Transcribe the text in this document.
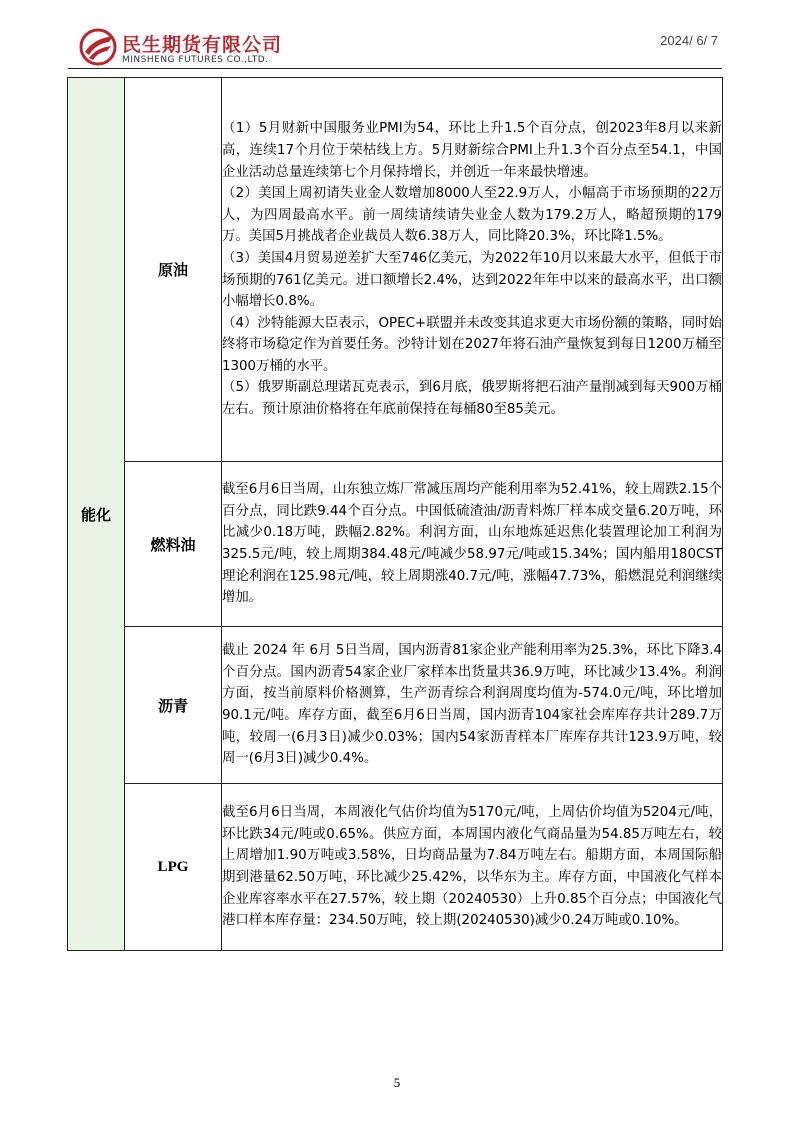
民生期货有限公司
MINSHENG FUTURES CO.,LTD.
2024/ 6/ 7
能化	原油	（1）5月财新中国服务业PMI为54，环比上升1.5个百分点，创2023年8月以来新高，连续17个月位于荣枯线上方。5月财新综合PMI上升1.3个百分点至54.1，中国企业活动总量连续第七个月保持增长，并创近一年来最快增速。

（2）美国上周初请失业金人数增加8000人至22.9万人，小幅高于市场预期的22万人，为四周最高水平。前一周续请续请失业金人数为179.2万人，略超预期的179万。美国5月挑战者企业裁员人数6.38万人，同比降20.3%，环比降1.5%。

（3）美国4月贸易逆差扩大至746亿美元，为2022年10月以来最大水平，但低于市场预期的761亿美元。进口额增长2.4%，达到2022年年中以来的最高水平，出口额小幅增长0.8%。

（4）沙特能源大臣表示，OPEC+联盟并未改变其追求更大市场份额的策略，同时始终将市场稳定作为首要任务。沙特计划在2027年将石油产量恢复到每日1200万桶至1300万桶的水平。

（5）俄罗斯副总理诺瓦克表示，到6月底，俄罗斯将把石油产量削减到每天900万桶左右。预计原油价格将在年底前保持在每桶80至85美元。

	燃料油	截至6月6日当周，山东独立炼厂常减压周均产能利用率为52.41%，较上周跌2.15个百分点，同比跌9.44个百分点。中国低硫渣油/沥青料炼厂样本成交量6.20万吨，环比减少0.18万吨，跌幅2.82%。利润方面，山东地炼延迟焦化装置理论加工利润为325.5元/吨，较上周期384.48元/吨减少58.97元/吨或15.34%；国内船用180CST理论利润在125.98元/吨，较上周期涨40.7元/吨，涨幅47.73%，船燃混兑利润继续增加。

	沥青	截止 2024 年 6月 5日当周，国内沥青81家企业产能利用率为25.3%，环比下降3.4个百分点。国内沥青54家企业厂家样本出货量共36.9万吨，环比减少13.4%。利润方面，按当前原料价格测算，生产沥青综合利润周度均值为-574.0元/吨，环比增加90.1元/吨。库存方面，截至6月6日当周，国内沥青104家社会库库存共计289.7万吨，较周一(6月3日)减少0.03%；国内54家沥青样本厂库库存共计123.9万吨，较周一(6月3日)减少0.4%。

	LPG	截至6月6日当周，本周液化气估价均值为5170元/吨，上周估价均值为5204元/吨，环比跌34元/吨或0.65%。供应方面，本周国内液化气商品量为54.85万吨左右，较上周增加1.90万吨或3.58%，日均商品量为7.84万吨左右。船期方面，本周国际船期到港量62.50万吨，环比减少25.42%，以华东为主。库存方面，中国液化气样本企业库容率水平在27.57%，较上期（20240530）上升0.85个百分点；中国液化气港口样本库存量：234.50万吨，较上期(20240530)减少0.24万吨或0.10%。

5
